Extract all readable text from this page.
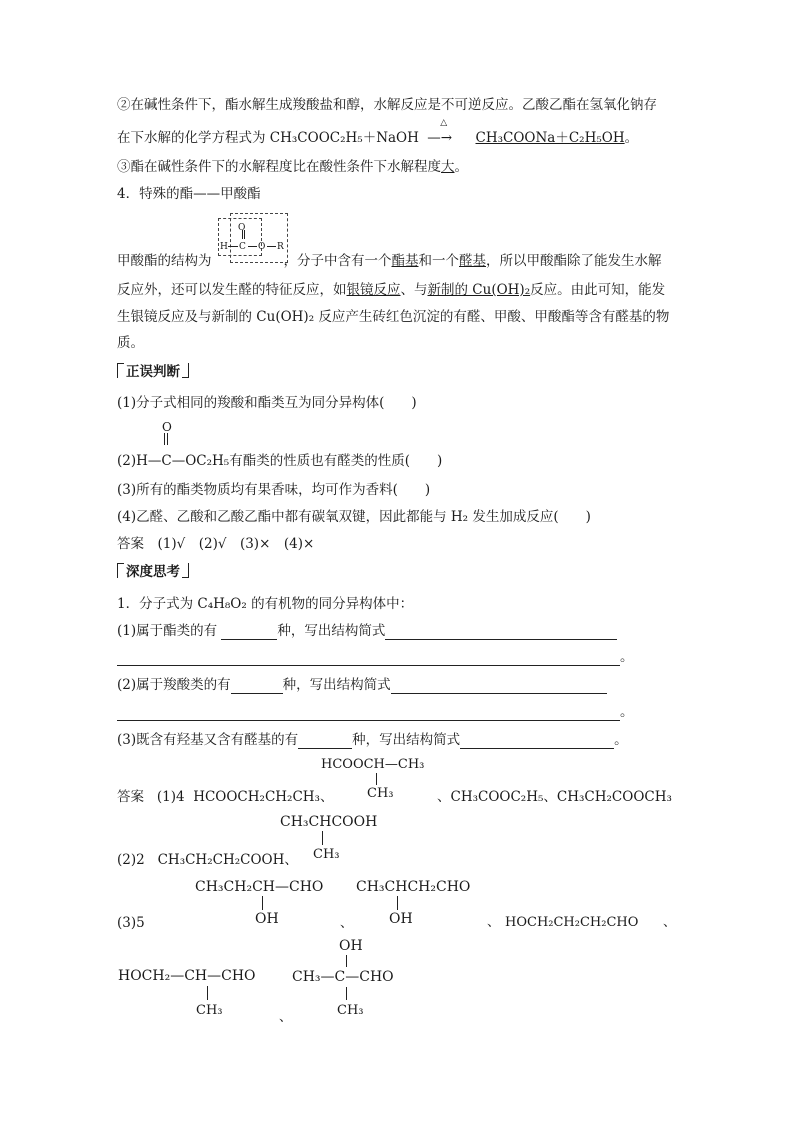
②在碱性条件下，酯水解生成羧酸盐和醇，水解反应是不可逆反应。乙酸乙酯在氢氧化钠存
在下水解的化学方程式为 CH₃COOC₂H₅＋NaOH
△
—→ CH₃COONa＋C₂H₅OH。
③酯在碱性条件下的水解程度比在酸性条件下水解程度大。
4．特殊的酯——甲酸酯
O
H C O R
甲酸酯的结构为	，分子中含有一个酯基和一个醛基，所以甲酸酯除了能发生水解
反应外，还可以发生醛的特征反应，如银镜反应、与新制的 Cu(OH)₂反应。由此可知，能发
生银镜反应及与新制的 Cu(OH)₂ 反应产生砖红色沉淀的有醛、甲酸、甲酸酯等含有醛基的物
质。
正误判断
(1)分子式相同的羧酸和酯类互为同分异构体(　　)
O
(2)H—C—OC₂H₅有酯类的性质也有醛类的性质(　　)
(3)所有的酯类物质均有果香味，均可作为香料(　　)
(4)乙醛、乙酸和乙酸乙酯中都有碳氧双键，因此都能与 H₂ 发生加成反应(　　)
答案　(1)√　(2)√　(3)×　(4)×
深度思考
1．分子式为 C₄H₈O₂ 的有机物的同分异构体中：
(1)属于酯类的有	种，写出结构简式
。
(2)属于羧酸类的有	种，写出结构简式
。
(3)既含有羟基又含有醛基的有	种，写出结构简式	。
HCOOCH—CH₃
CH₃
答案 (1)4 HCOOCH₂CH₂CH₃、	、CH₃COOC₂H₅、CH₃CH₂COOCH₃
CH₃CHCOOH
CH₃
(2)2 CH₃CH₂CH₂COOH、
CH₃CH₂CH—CHO
OH	、
CH₃CHCH₂CHO
OH	、
(3)5	HOCH₂CH₂CH₂CHO 、
HOCH₂—CH—CHO
CH₃	、
OH
CH₃—C—CHO
CH₃
